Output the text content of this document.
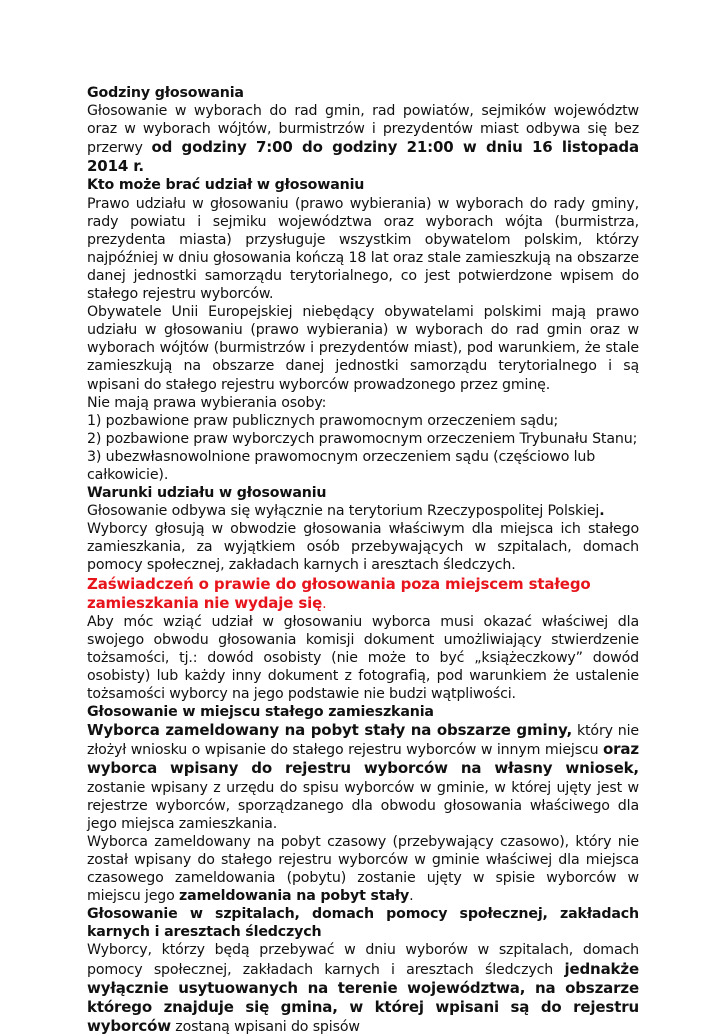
Godziny głosowania

Głosowanie w wyborach do rad gmin, rad powiatów, sejmików województw oraz w wyborach wójtów, burmistrzów i prezydentów miast odbywa się bez przerwy od godziny 7:00 do godziny 21:00 w dniu 16 listopada 2014 r.

Kto może brać udział w głosowaniu

Prawo udziału w głosowaniu (prawo wybierania) w wyborach do rady gminy, rady powiatu i sejmiku województwa oraz wyborach wójta (burmistrza, prezydenta miasta) przysługuje wszystkim obywatelom polskim, którzy najpóźniej w dniu głosowania kończą 18 lat oraz stale zamieszkują na obszarze danej jednostki samorządu terytorialnego, co jest potwierdzone wpisem do stałego rejestru wyborców.

Obywatele Unii Europejskiej niebędący obywatelami polskimi mają prawo udziału w głosowaniu (prawo wybierania) w wyborach do rad gmin oraz w wyborach wójtów (burmistrzów i prezydentów miast), pod warunkiem, że stale zamieszkują na obszarze danej jednostki samorządu terytorialnego i są wpisani do stałego rejestru wyborców prowadzonego przez gminę.

Nie mają prawa wybierania osoby:

1) pozbawione praw publicznych prawomocnym orzeczeniem sądu;

2) pozbawione praw wyborczych prawomocnym orzeczeniem Trybunału Stanu;

3) ubezwłasnowolnione prawomocnym orzeczeniem sądu (częściowo lub całkowicie).

Warunki udziału w głosowaniu

Głosowanie odbywa się wyłącznie na terytorium Rzeczypospolitej Polskiej.

Wyborcy głosują w obwodzie głosowania właściwym dla miejsca ich stałego zamieszkania, za wyjątkiem osób przebywających w szpitalach, domach pomocy społecznej, zakładach karnych i aresztach śledczych.

Zaświadczeń o prawie do głosowania poza miejscem stałego zamieszkania nie wydaje się.

Aby móc wziąć udział w głosowaniu wyborca musi okazać właściwej dla swojego obwodu głosowania komisji dokument umożliwiający stwierdzenie tożsamości, tj.: dowód osobisty (nie może to być „książeczkowy” dowód osobisty) lub każdy inny dokument z fotografią, pod warunkiem że ustalenie tożsamości wyborcy na jego podstawie nie budzi wątpliwości.

Głosowanie w miejscu stałego zamieszkania

Wyborca zameldowany na pobyt stały na obszarze gminy, który nie złożył wniosku o wpisanie do stałego rejestru wyborców w innym miejscu oraz wyborca wpisany do rejestru wyborców na własny wniosek, zostanie wpisany z urzędu do spisu wyborców w gminie, w której ujęty jest w rejestrze wyborców, sporządzanego dla obwodu głosowania właściwego dla jego miejsca zamieszkania.

Wyborca zameldowany na pobyt czasowy (przebywający czasowo), który nie został wpisany do stałego rejestru wyborców w gminie właściwej dla miejsca czasowego zameldowania (pobytu) zostanie ujęty w spisie wyborców w miejscu jego zameldowania na pobyt stały.

Głosowanie w szpitalach, domach pomocy społecznej, zakładach karnych i aresztach śledczych

Wyborcy, którzy będą przebywać w dniu wyborów w szpitalach, domach pomocy społecznej, zakładach karnych i aresztach śledczych jednakże wyłącznie usytuowanych na terenie województwa, na obszarze którego znajduje się gmina, w której wpisani są do rejestru wyborców zostaną wpisani do spisów
